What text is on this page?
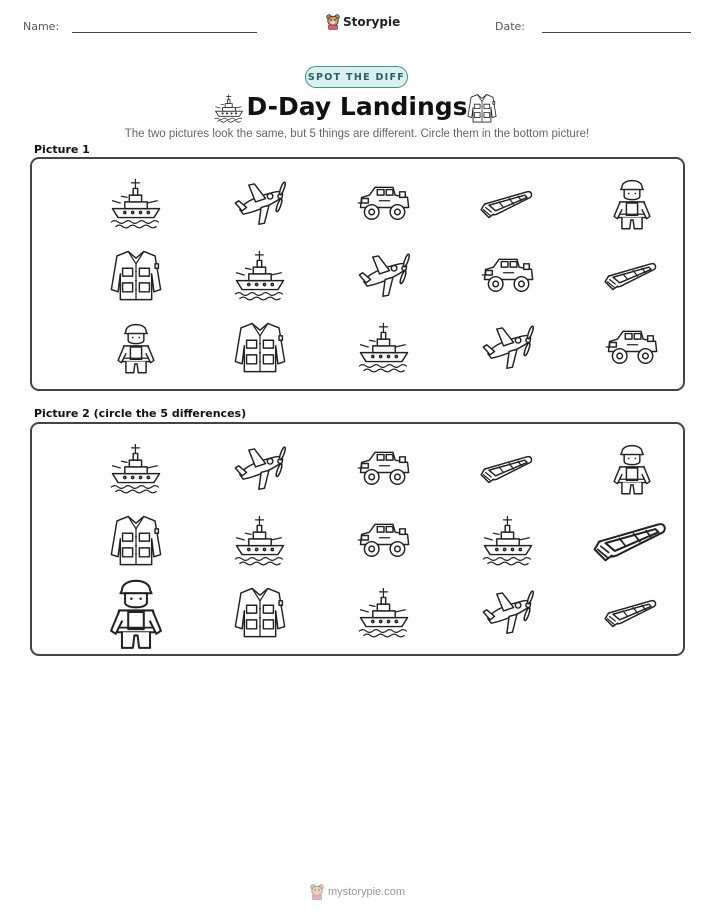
Name:	Storypie	Date:
SPOT THE DIFF
D-Day Landings
The two pictures look the same, but 5 things are different. Circle them in the bottom picture!
Picture 1
Picture 2 (circle the 5 differences)
mystorypie.com
